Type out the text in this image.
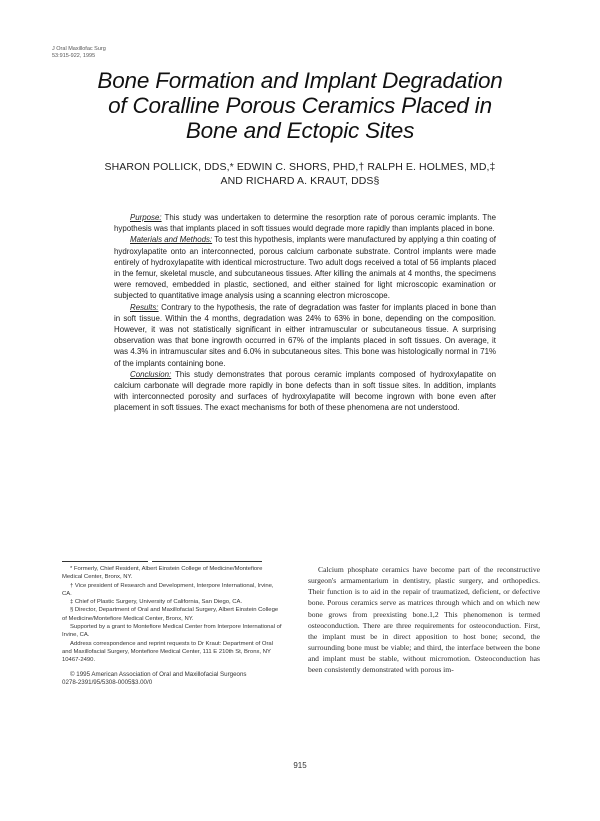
J Oral Maxillofac Surg
53:915-922, 1995
Bone Formation and Implant Degradation
of Coralline Porous Ceramics Placed in
Bone and Ectopic Sites
SHARON POLLICK, DDS,* EDWIN C. SHORS, PHD,† RALPH E. HOLMES, MD,‡
AND RICHARD A. KRAUT, DDS§

Purpose: This study was undertaken to determine the resorption rate of porous ceramic implants. The hypothesis was that implants placed in soft tissues would degrade more rapidly than implants placed in bone.

Materials and Methods: To test this hypothesis, implants were manufactured by applying a thin coating of hydroxylapatite onto an interconnected, porous calcium carbonate substrate. Control implants were made entirely of hydroxylapatite with identical microstructure. Two adult dogs received a total of 56 implants placed in the femur, skeletal muscle, and subcutaneous tissues. After killing the animals at 4 months, the specimens were removed, embedded in plastic, sectioned, and either stained for light microscopic examination or subjected to quantitative image analysis using a scanning electron microscope.

Results: Contrary to the hypothesis, the rate of degradation was faster for implants placed in bone than in soft tissue. Within the 4 months, degradation was 24% to 63% in bone, depending on the composition. However, it was not statistically significant in either intramuscular or subcutaneous tissue. A surprising observation was that bone ingrowth occurred in 67% of the implants placed in soft tissues. On average, it was 4.3% in intramuscular sites and 6.0% in subcutaneous sites. This bone was histologically normal in 71% of the implants containing bone.

Conclusion: This study demonstrates that porous ceramic implants composed of hydroxylapatite on calcium carbonate will degrade more rapidly in bone defects than in soft tissue sites. In addition, implants with interconnected porosity and surfaces of hydroxylapatite will become ingrown with bone even after placement in soft tissues. The exact mechanisms for both of these phenomena are not understood.

* Formerly, Chief Resident, Albert Einstein College of Medicine/Montefiore Medical Center, Bronx, NY.

† Vice president of Research and Development, Interpore International, Irvine, CA.

‡ Chief of Plastic Surgery, University of California, San Diego, CA.

§ Director, Department of Oral and Maxillofacial Surgery, Albert Einstein College of Medicine/Montefiore Medical Center, Bronx, NY.

Supported by a grant to Montefiore Medical Center from Interpore International of Irvine, CA.

Address correspondence and reprint requests to Dr Kraut: Department of Oral and Maxillofacial Surgery, Montefiore Medical Center, 111 E 210th St, Bronx, NY 10467-2490.

© 1995 American Association of Oral and Maxillofacial Surgeons

0278-2391/95/5308-0005$3.00/0

Calcium phosphate ceramics have become part of the reconstructive surgeon's armamentarium in dentistry, plastic surgery, and orthopedics. Their function is to aid in the repair of traumatized, deficient, or defective bone. Porous ceramics serve as matrices through which and on which new bone grows from preexisting bone.1,2 This phenomenon is termed osteoconduction. There are three requirements for osteoconduction. First, the implant must be in direct apposition to host bone; second, the surrounding bone must be viable; and third, the interface between the bone and implant must be stable, without micromotion. Osteoconduction has been consistently demonstrated with porous im-

915
